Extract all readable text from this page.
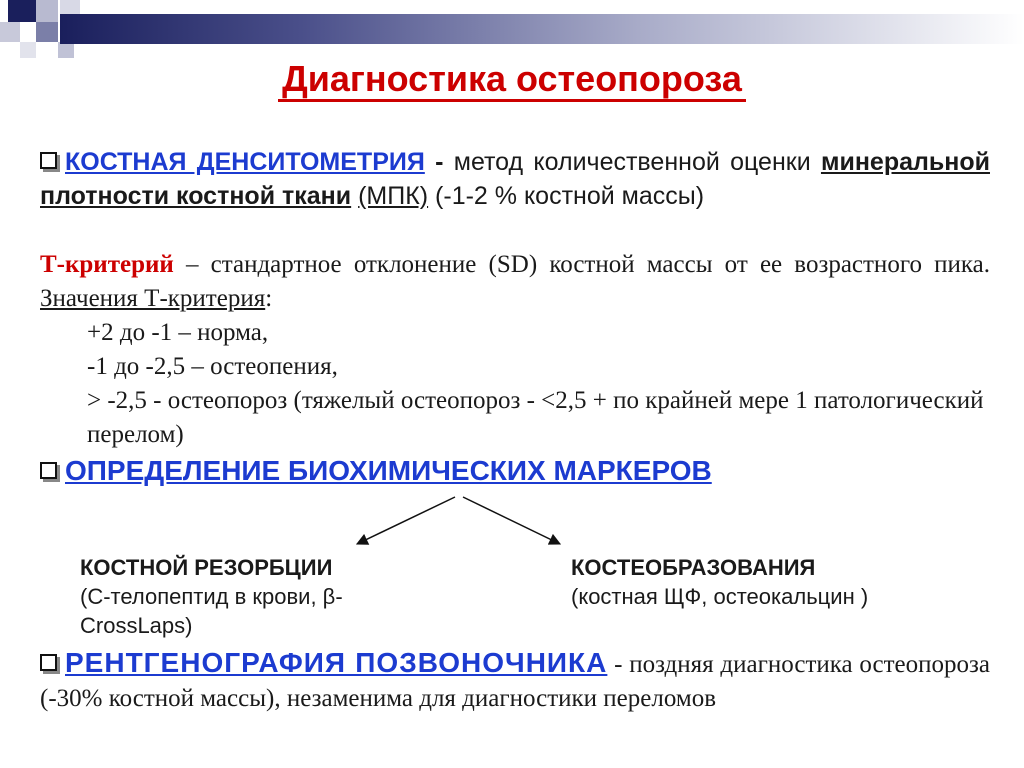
Диагностика остеопороза
КОСТНАЯ ДЕНСИТОМЕТРИЯ - метод количественной оценки минеральной плотности костной ткани (МПК) (-1-2 % костной массы)
Т-критерий – стандартное отклонение (SD) костной массы от ее возрастного пика. Значения Т-критерия:
+2 до -1 – норма,
-1 до -2,5 – остеопения,
> -2,5 - остеопороз (тяжелый остеопороз - <2,5 + по крайней мере 1 патологический перелом)
ОПРЕДЕЛЕНИЕ БИОХИМИЧЕСКИХ МАРКЕРОВ
КОСТНОЙ РЕЗОРБЦИИ
(С-телопептид в крови, β-CrossLaps)
КОСТЕОБРАЗОВАНИЯ
(костная ЩФ, остеокальцин )
РЕНТГЕНОГРАФИЯ ПОЗВОНОЧНИКА - поздняя диагностика остеопороза (-30% костной массы), незаменима для диагностики переломов
